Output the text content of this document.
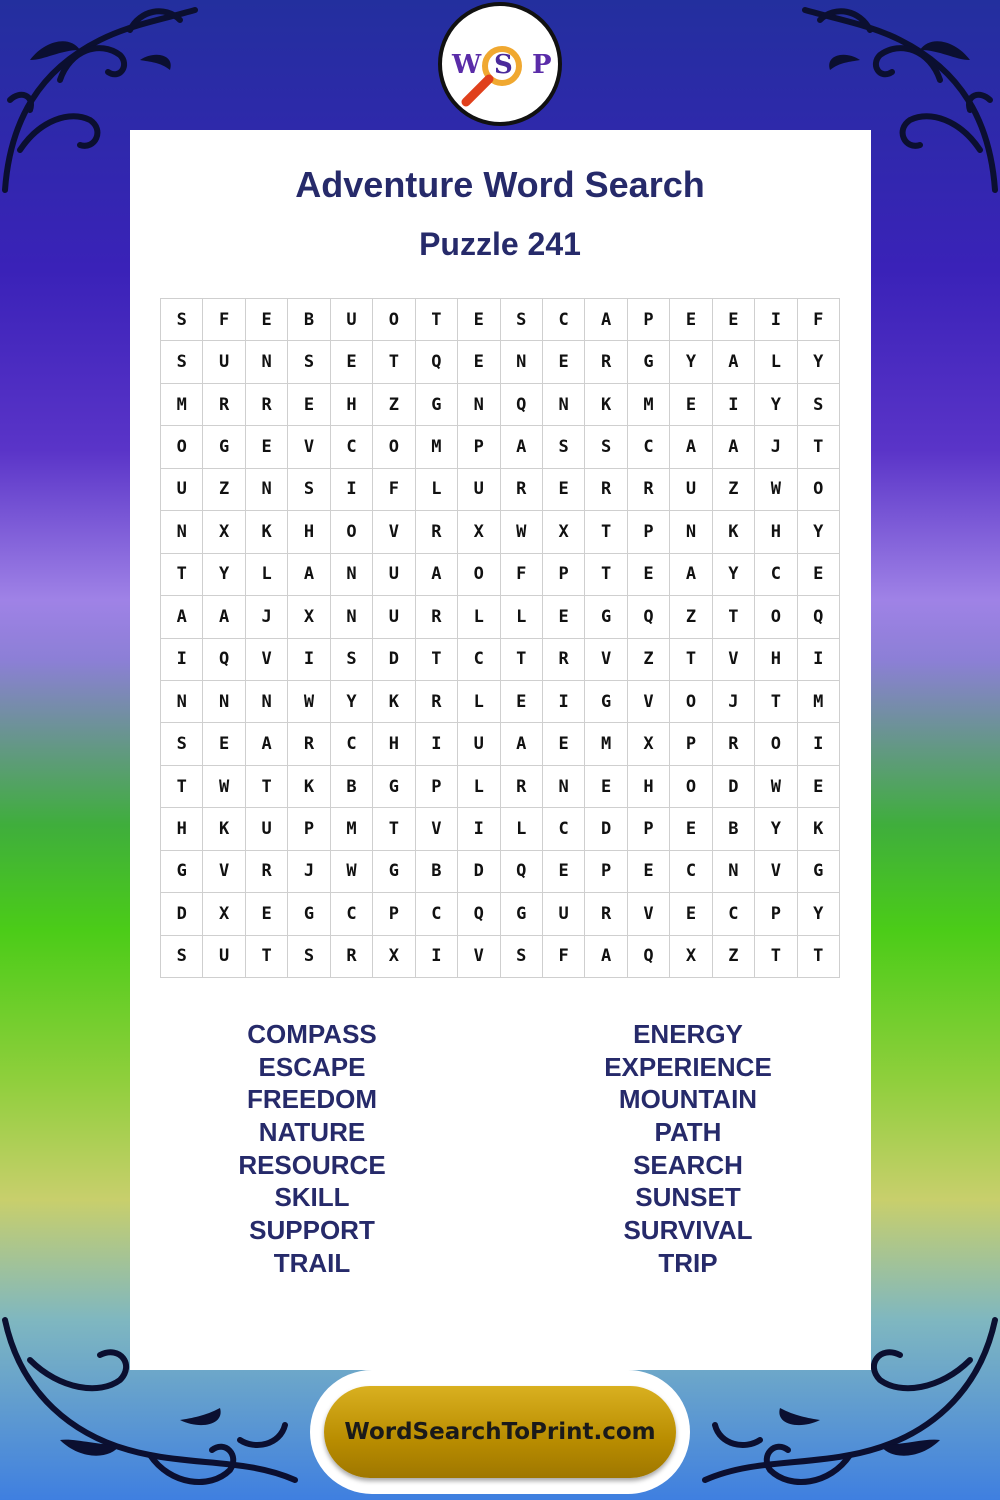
W S P
Adventure Word Search
Puzzle 241
S	F	E	B	U	O	T	E	S	C	A	P	E	E	I	F
S	U	N	S	E	T	Q	E	N	E	R	G	Y	A	L	Y
M	R	R	E	H	Z	G	N	Q	N	K	M	E	I	Y	S
O	G	E	V	C	O	M	P	A	S	S	C	A	A	J	T
U	Z	N	S	I	F	L	U	R	E	R	R	U	Z	W	O
N	X	K	H	O	V	R	X	W	X	T	P	N	K	H	Y
T	Y	L	A	N	U	A	O	F	P	T	E	A	Y	C	E
A	A	J	X	N	U	R	L	L	E	G	Q	Z	T	O	Q
I	Q	V	I	S	D	T	C	T	R	V	Z	T	V	H	I
N	N	N	W	Y	K	R	L	E	I	G	V	O	J	T	M
S	E	A	R	C	H	I	U	A	E	M	X	P	R	O	I
T	W	T	K	B	G	P	L	R	N	E	H	O	D	W	E
H	K	U	P	M	T	V	I	L	C	D	P	E	B	Y	K
G	V	R	J	W	G	B	D	Q	E	P	E	C	N	V	G
D	X	E	G	C	P	C	Q	G	U	R	V	E	C	P	Y
S	U	T	S	R	X	I	V	S	F	A	Q	X	Z	T	T
COMPASS
ESCAPE
FREEDOM
NATURE
RESOURCE
SKILL
SUPPORT
TRAIL
ENERGY
EXPERIENCE
MOUNTAIN
PATH
SEARCH
SUNSET
SURVIVAL
TRIP
WordSearchToPrint.com
